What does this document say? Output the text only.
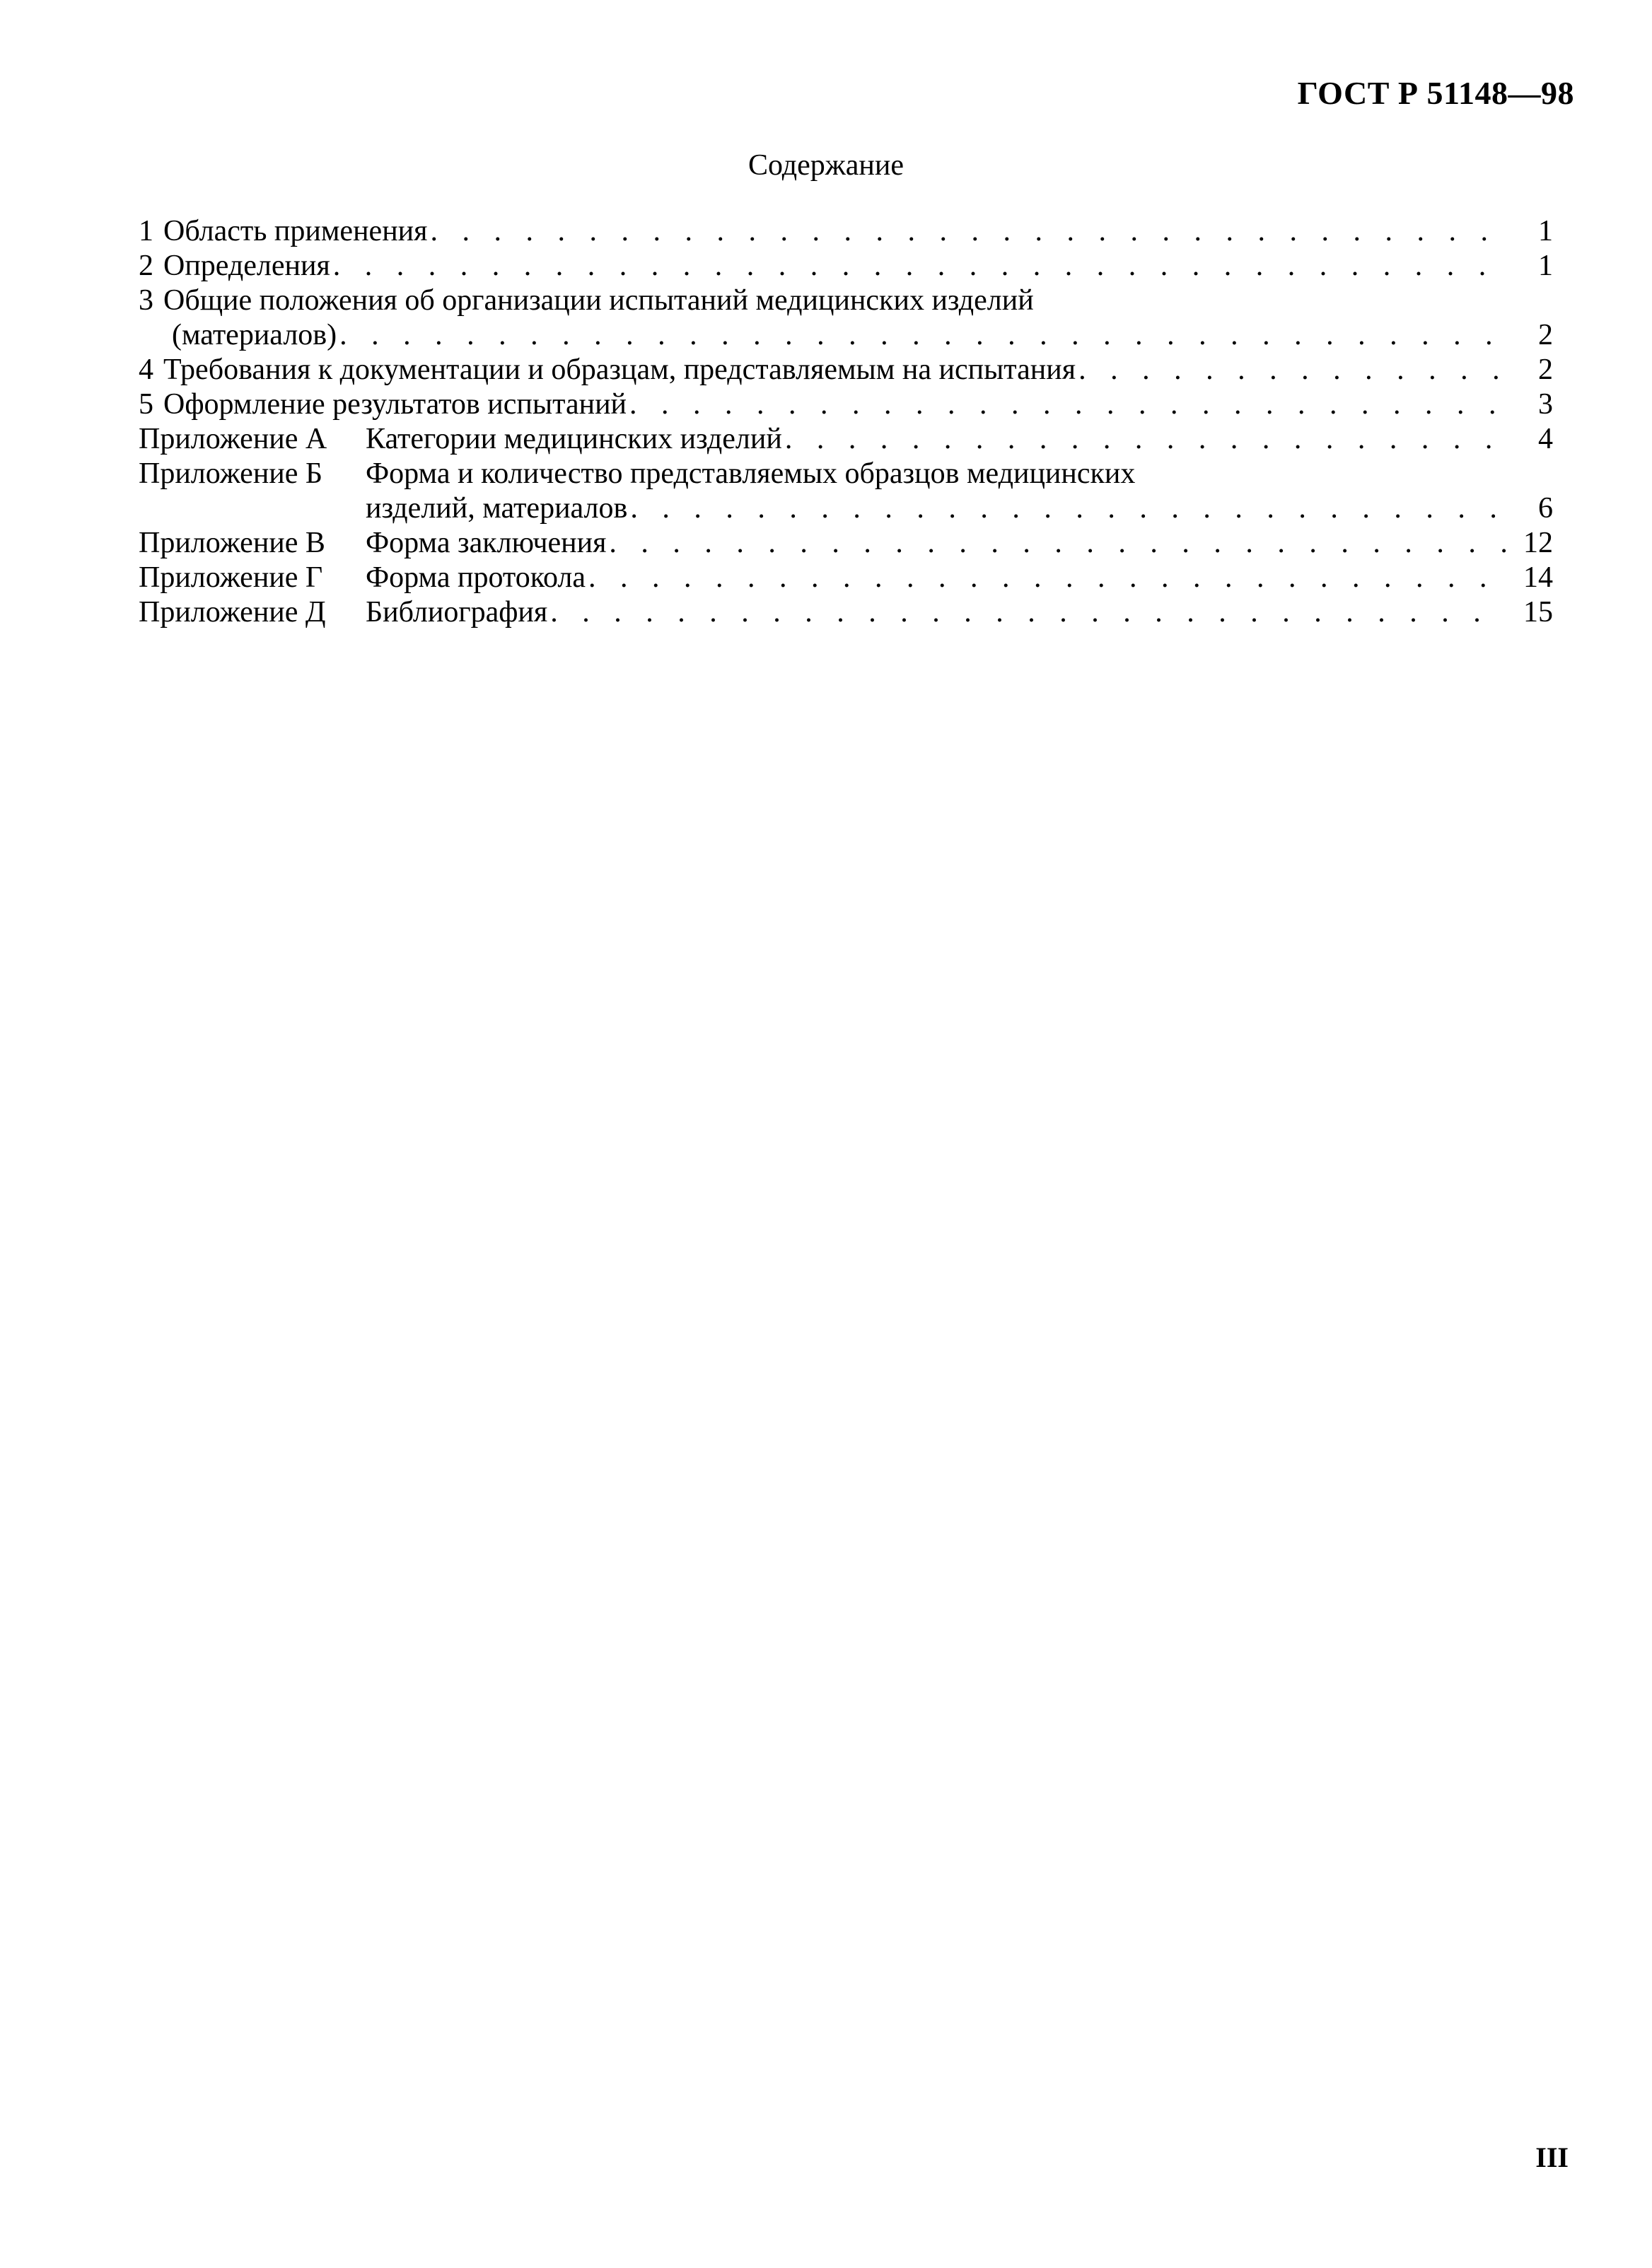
ГОСТ Р 51148—98
Содержание
1 Область применения . . .	1
2 Определения . . .	1
3 Общие положения об организации испытаний медицинских изделий
(материалов) . . .	2
4 Требования к документации и образцам, представляемым на испытания . . .	2
5 Оформление результатов испытаний . . .	3
Приложение А	Категории медицинских изделий . . .	4
Приложение Б	Форма и количество представляемых образцов медицинских
изделий, материалов . . .	6
Приложение В	Форма заключения . . .	12
Приложение Г	Форма протокола . . .	14
Приложение Д	Библиография . . .	15
III
